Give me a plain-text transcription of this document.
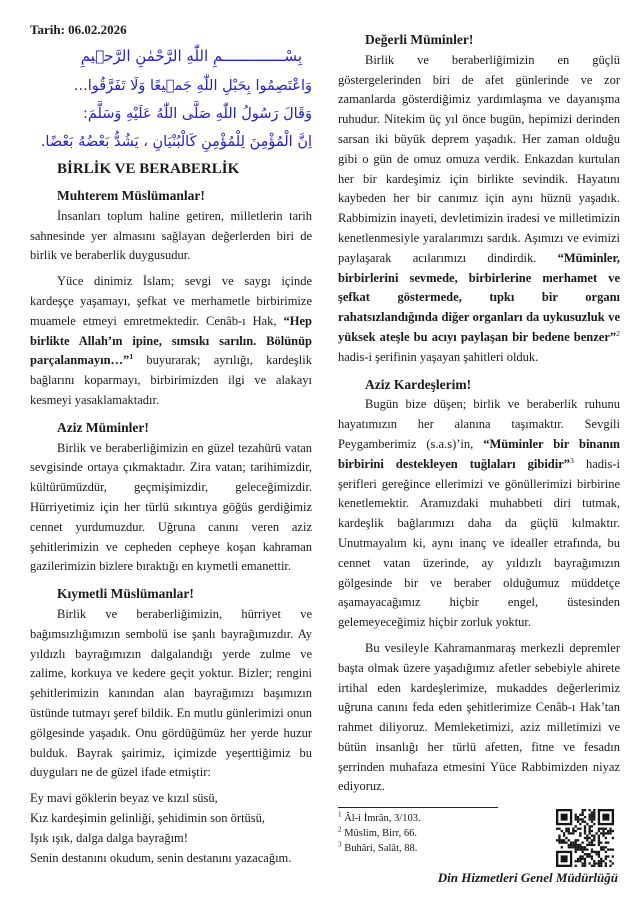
Tarih: 06.02.2026
بِسْــــــــــــــمِ اللّٰهِ الرَّحْمٰنِ الرَّح۪يمِ
وَاعْتَصِمُوا بِحَبْلِ اللّٰهِ جَم۪يعًا وَلَا تَفَرَّقُوا...
وَقَالَ رَسُولُ اللّٰهِ صَلَّى اللّٰهُ عَلَيْهِ وَسَلَّمَ:
اِنَّ الْمُؤْمِنَ لِلْمُؤْمِنِ كَالْبُنْيَانِ ، يَشُدُّ بَعْضُهُ بَعْضًا.
BİRLİK VE BERABERLİK
Muhterem Müslümanlar!

İnsanları toplum haline getiren, milletlerin tarih sahnesinde yer almasını sağlayan değerlerden biri de birlik ve beraberlik duygusudur.

Yüce dinimiz İslam; sevgi ve saygı içinde kardeşçe yaşamayı, şefkat ve merhametle birbirimize muamele etmeyi emretmektedir. Cenâb-ı Hak, “Hep birlikte Allah’ın ipine, sımsıkı sarılın. Bölünüp parçalanmayın…”$^1$ buyurarak; ayrılığı, kardeşlik bağlarını koparmayı, birbirimizden ilgi ve alakayı kesmeyi yasaklamaktadır.

Aziz Müminler!

Birlik ve beraberliğimizin en güzel tezahürü vatan sevgisinde ortaya çıkmaktadır. Zira vatan; tarihimizdir, kültürümüzdür, geçmişimizdir, geleceğimizdir. Hürriyetimiz için her türlü sıkıntıya göğüs gerdiğimiz cennet yurdumuzdur. Uğruna canını veren aziz şehitlerimizin ve cepheden cepheye koşan kahraman gazilerimizin bizlere bıraktığı en kıymetli emanettir.

Kıymetli Müslümanlar!

Birlik ve beraberliğimizin, hürriyet ve bağımsızlığımızın sembolü ise şanlı bayrağımızdır. Ay yıldızlı bayrağımızın dalgalandığı yerde zulme ve zalime, korkuya ve kedere geçit yoktur. Bizler; rengini şehitlerimizin kanından alan bayrağımızı başımızın üstünde tutmayı şeref bildik. En mutlu günlerimizi onun gölgesinde yaşadık. Onu gördüğümüz her yerde huzur bulduk. Bayrak şairimiz, içimizde yeşerttiğimiz bu duyguları ne de güzel ifade etmiştir:

Ey mavi göklerin beyaz ve kızıl süsü,
Kız kardeşimin gelinliği, şehidimin son örtüsü,
Işık ışık, dalga dalga bayrağım!
Senin destanını okudum, senin destanını yazacağım.
Değerli Müminler!

Birlik ve beraberliğimizin en güçlü göstergelerinden biri de afet günlerinde ve zor zamanlarda gösterdiğimiz yardımlaşma ve dayanışma ruhudur. Nitekim üç yıl önce bugün, hepimizi derinden sarsan iki büyük deprem yaşadık. Her zaman olduğu gibi o gün de omuz omuza verdik. Enkazdan kurtulan her bir kardeşimiz için birlikte sevindik. Hayatını kaybeden her bir canımız için aynı hüznü yaşadık. Rabbimizin inayeti, devletimizin iradesi ve milletimizin kenetlenmesiyle yaralarımızı sardık. Aşımızı ve evimizi paylaşarak acılarımızı dindirdik. “Müminler, birbirlerini sevmede, birbirlerine merhamet ve şefkat göstermede, tıpkı bir organı rahatsızlandığında diğer organları da uykusuzluk ve yüksek ateşle bu acıyı paylaşan bir bedene benzer”$^2$ hadis-i şerifinin yaşayan şahitleri olduk.

Aziz Kardeşlerim!

Bugün bize düşen; birlik ve beraberlik ruhunu hayatımızın her alanına taşımaktır. Sevgili Peygamberimiz (s.a.s)’in, “Müminler bir binanın birbirini destekleyen tuğlaları gibidir”$^3$ hadis-i şerifleri gereğince ellerimizi ve gönüllerimizi birbirine kenetlemektir. Aramızdaki muhabbeti diri tutmak, kardeşlik bağlarımızı daha da güçlü kılmaktır. Unutmayalım ki, aynı inanç ve idealler etrafında, bu cennet vatan üzerinde, ay yıldızlı bayrağımızın gölgesinde bir ve beraber olduğumuz müddetçe aşamayacağımız hiçbir engel, üstesinden gelemeyeceğimiz hiçbir zorluk yoktur.

Bu vesileyle Kahramanmaraş merkezli depremler başta olmak üzere yaşadığımız afetler sebebiyle ahirete irtihal eden kardeşlerimize, mukaddes değerlerimiz uğruna canını feda eden şehitlerimize Cenâb-ı Hak’tan rahmet diliyoruz. Memleketimizi, aziz milletimizi ve bütün insanlığı her türlü afetten, fitne ve fesadın şerrinden muhafaza etmesini Yüce Rabbimizden niyaz ediyoruz.

$^1$ Âl-i İmrân, 3/103.
$^2$ Müslim, Birr, 66.
$^3$ Buhâri, Salât, 88.
Din Hizmetleri Genel Müdürlüğü
